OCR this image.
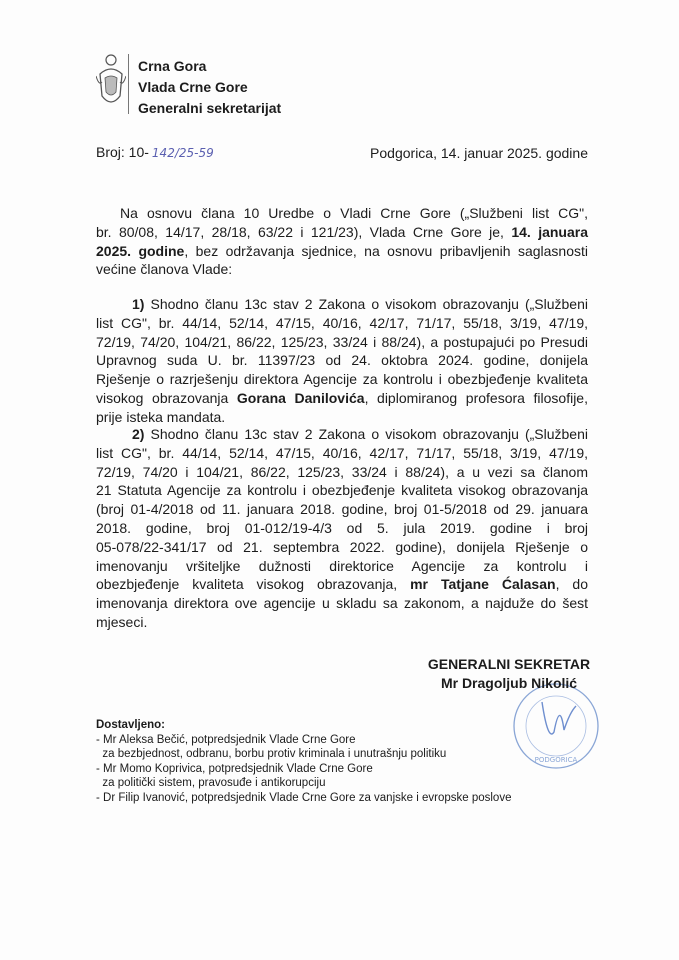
Crna Gora
Vlada Crne Gore
Generalni sekretarijat
Broj: 10- 142/25-59	Podgorica, 14. januar 2025. godine
Na osnovu člana 10 Uredbe o Vladi Crne Gore („Službeni list CG",
br. 80/08, 14/17, 28/18, 63/22 i 121/23), Vlada Crne Gore je, 14. januara
2025. godine, bez održavanja sjednice, na osnovu pribavljenih saglasnosti
većine članova Vlade:
1) Shodno članu 13c stav 2 Zakona o visokom obrazovanju („Službeni
list CG", br. 44/14, 52/14, 47/15, 40/16, 42/17, 71/17, 55/18, 3/19, 47/19,
72/19, 74/20, 104/21, 86/22, 125/23, 33/24 i 88/24), a postupajući po Presudi
Upravnog suda U. br. 11397/23 od 24. oktobra 2024. godine, donijela
Rješenje o razrješenju direktora Agencije za kontrolu i obezbjeđenje kvaliteta
visokog obrazovanja Gorana Danilovića, diplomiranog profesora filosofije,
prije isteka mandata.
2) Shodno članu 13c stav 2 Zakona o visokom obrazovanju („Službeni
list CG", br. 44/14, 52/14, 47/15, 40/16, 42/17, 71/17, 55/18, 3/19, 47/19,
72/19, 74/20 i 104/21, 86/22, 125/23, 33/24 i 88/24), a u vezi sa članom
21 Statuta Agencije za kontrolu i obezbjeđenje kvaliteta visokog obrazovanja
(broj 01-4/2018 od 11. januara 2018. godine, broj 01-5/2018 od 29. januara
2018. godine, broj 01-012/19-4/3 od 5. jula 2019. godine i broj
05-078/22-341/17 od 21. septembra 2022. godine), donijela Rješenje o
imenovanju vršiteljke dužnosti direktorice Agencije za kontrolu i
obezbjeđenje kvaliteta visokog obrazovanja, mr Tatjane Ćalasan, do
imenovanja direktora ove agencije u skladu sa zakonom, a najduže do šest
mjeseci.
PODGORICA
GENERALNI SEKRETAR
Mr Dragoljub Nikolić
Dostavljeno:
- Mr Aleksa Bečić, potpredsjednik Vlade Crne Gore
za bezbjednost, odbranu, borbu protiv kriminala i unutrašnju politiku
- Mr Momo Koprivica, potpredsjednik Vlade Crne Gore
za politički sistem, pravosuđe i antikorupciju
- Dr Filip Ivanović, potpredsjednik Vlade Crne Gore za vanjske i evropske poslove
